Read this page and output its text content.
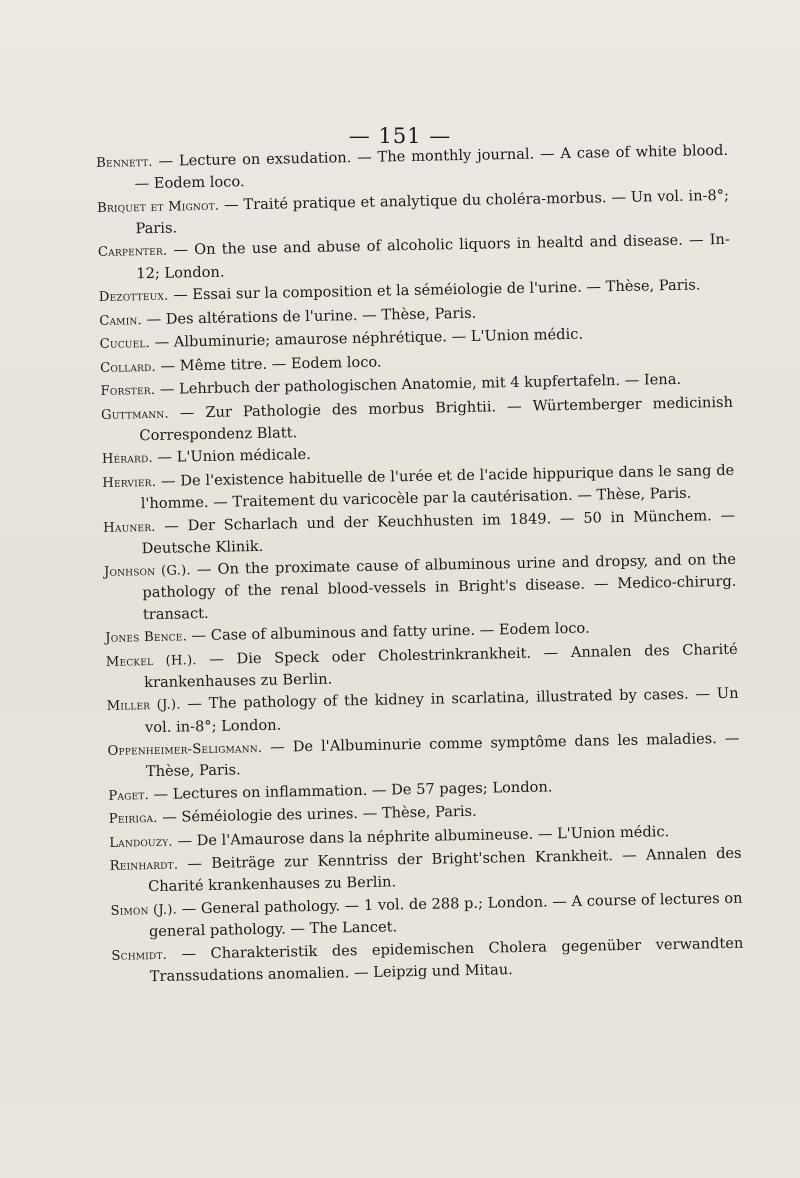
— 151 —

Bennett. — Lecture on exsudation. — The monthly journal. — A case of white blood. — Eodem loco.

Briquet et Mignot. — Traité pratique et analytique du choléra-morbus. — Un vol. in-8°; Paris.

Carpenter. — On the use and abuse of alcoholic liquors in healtd and disease. — In-12; London.

Dezotteux. — Essai sur la composition et la séméiologie de l'urine. — Thèse, Paris.

Camin. — Des altérations de l'urine. — Thèse, Paris.

Cucuel. — Albuminurie; amaurose néphrétique. — L'Union médic.

Collard. — Même titre. — Eodem loco.

Forster. — Lehrbuch der pathologischen Anatomie, mit 4 kupfertafeln. — Iena.

Guttmann. — Zur Pathologie des morbus Brightii. — Würtemberger medicinish Correspondenz Blatt.

Hérard. — L'Union médicale.

Hervier. — De l'existence habituelle de l'urée et de l'acide hippurique dans le sang de l'homme. — Traitement du varicocèle par la cautérisation. — Thèse, Paris.

Hauner. — Der Scharlach und der Keuchhusten im 1849. — 50 in Münchem. — Deutsche Klinik.

Jonhson (G.). — On the proximate cause of albuminous urine and dropsy, and on the pathology of the renal blood-vessels in Bright's disease. — Medico-chirurg. transact.

Jones Bence. — Case of albuminous and fatty urine. — Eodem loco.

Meckel (H.). — Die Speck oder Cholestrinkrankheit. — Annalen des Charité krankenhauses zu Berlin.

Miller (J.). — The pathology of the kidney in scarlatina, illustrated by cases. — Un vol. in-8°; London.

Oppenheimer-Seligmann. — De l'Albuminurie comme symptôme dans les maladies. — Thèse, Paris.

Paget. — Lectures on inflammation. — De 57 pages; London.

Peiriga. — Séméiologie des urines. — Thèse, Paris.

Landouzy. — De l'Amaurose dans la néphrite albumineuse. — L'Union médic.

Reinhardt. — Beiträge zur Kenntriss der Bright'schen Krankheit. — Annalen des Charité krankenhauses zu Berlin.

Simon (J.). — General pathology. — 1 vol. de 288 p.; London. — A course of lectures on general pathology. — The Lancet.

Schmidt. — Charakteristik des epidemischen Cholera gegenüber verwandten Transsudations anomalien. — Leipzig und Mitau.
